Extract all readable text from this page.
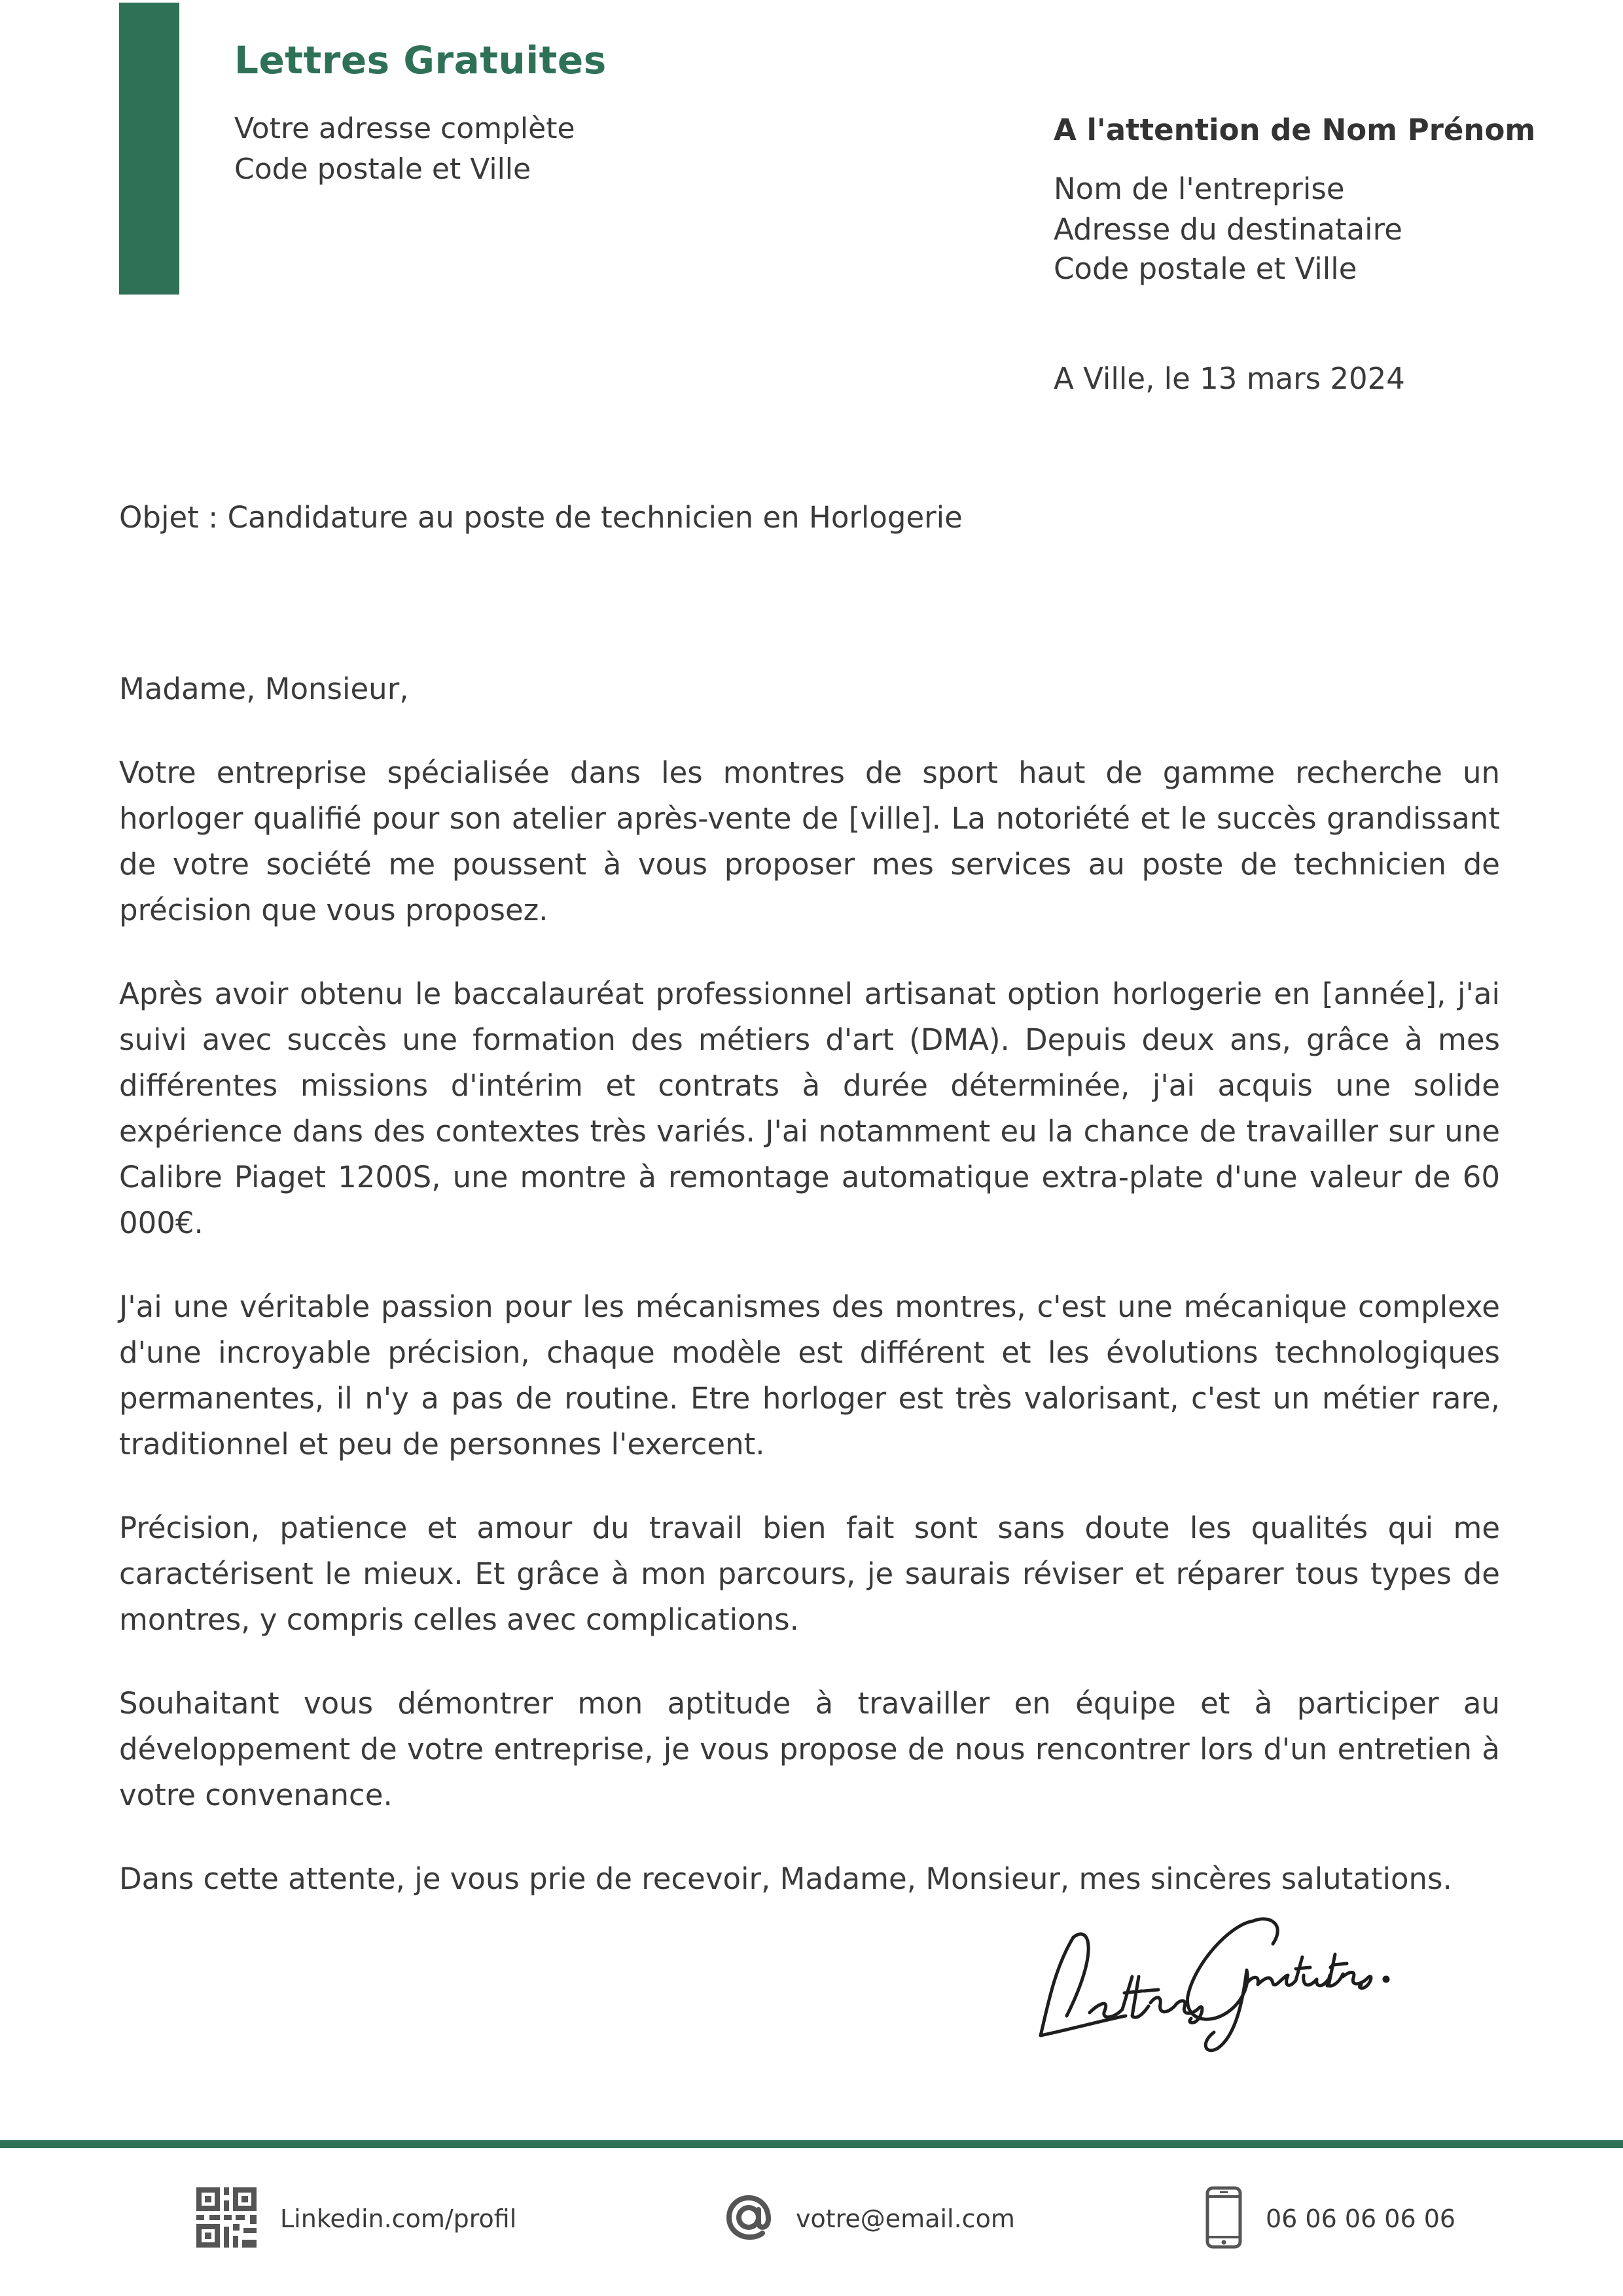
Lettres Gratuites
Votre adresse complète
Code postale et Ville
A l'attention de Nom Prénom
Nom de l'entreprise
Adresse du destinataire
Code postale et Ville
A Ville, le 13 mars 2024
Objet : Candidature au poste de technicien en Horlogerie

Madame, Monsieur,

Votre entreprise spécialisée dans les montres de sport haut de gamme recherche un horloger qualifié pour son atelier après-vente de [ville]. La notoriété et le succès grandissant de votre société me poussent à vous proposer mes services au poste de technicien de précision que vous proposez.

Après avoir obtenu le baccalauréat professionnel artisanat option horlogerie en [année], j'ai suivi avec succès une formation des métiers d'art (DMA). Depuis deux ans, grâce à mes différentes missions d'intérim et contrats à durée déterminée, j'ai acquis une solide expérience dans des contextes très variés. J'ai notamment eu la chance de travailler sur une Calibre Piaget 1200S, une montre à remontage automatique extra-plate d'une valeur de 60 000€.

J'ai une véritable passion pour les mécanismes des montres, c'est une mécanique complexe d'une incroyable précision, chaque modèle est différent et les évolutions technologiques permanentes, il n'y a pas de routine. Etre horloger est très valorisant, c'est un métier rare, traditionnel et peu de personnes l'exercent.

Précision, patience et amour du travail bien fait sont sans doute les qualités qui me caractérisent le mieux. Et grâce à mon parcours, je saurais réviser et réparer tous types de montres, y compris celles avec complications.

Souhaitant vous démontrer mon aptitude à travailler en équipe et à participer au développement de votre entreprise, je vous propose de nous rencontrer lors d'un entretien à votre convenance.

Dans cette attente, je vous prie de recevoir, Madame, Monsieur, mes sincères salutations.

Linkedin.com/profil	votre@email.com	06 06 06 06 06
